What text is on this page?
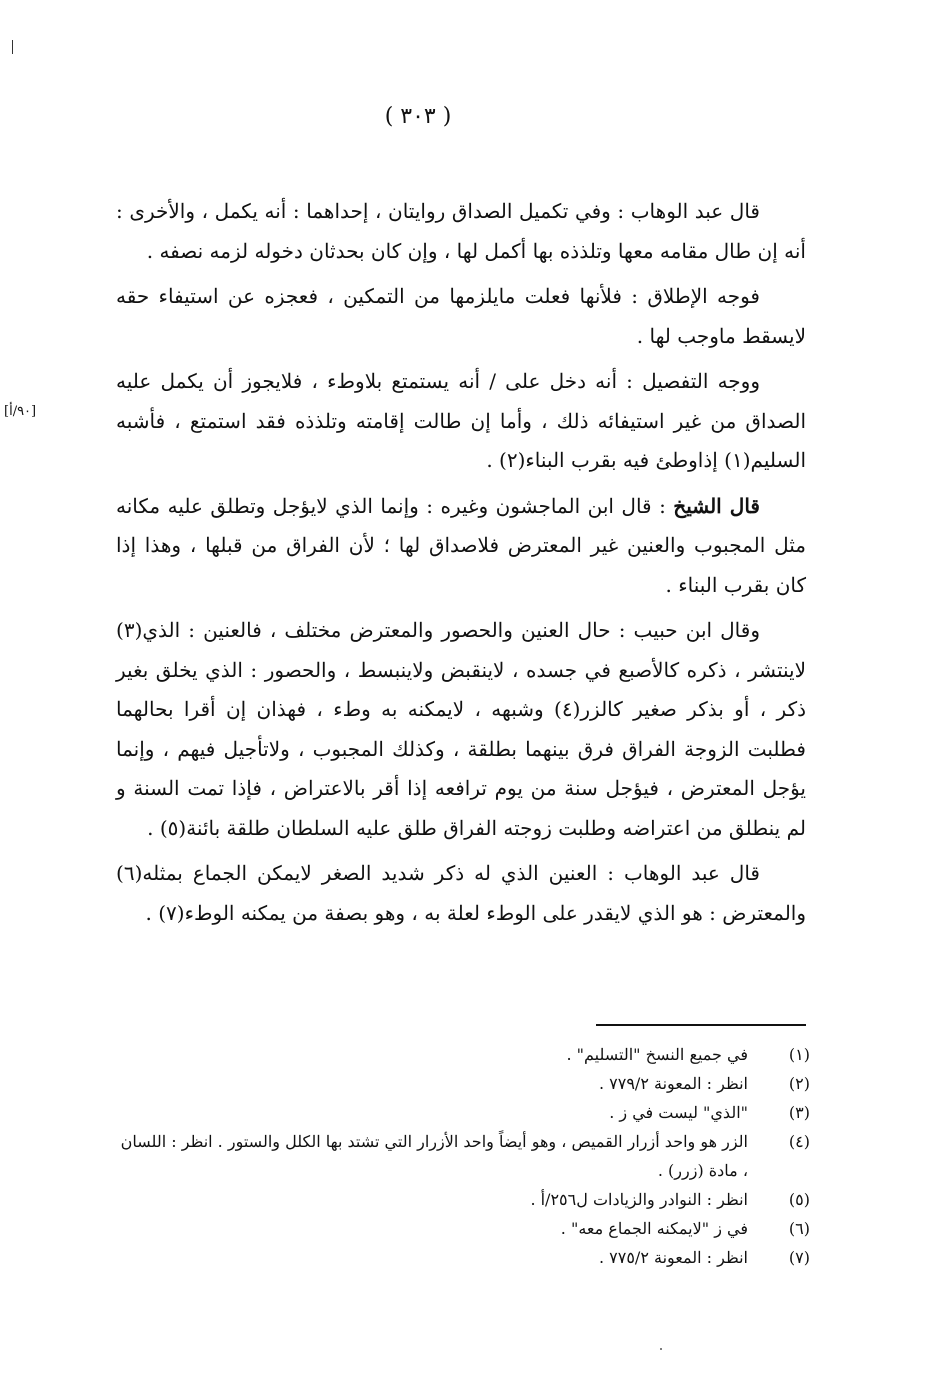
( ٣٠٣ )
[٩٠/أ]

قال عبد الوهاب : وفي تكميل الصداق روايتان ، إحداهما : أنه يكمل ، والأخرى : أنه إن طال مقامه معها وتلذذه بها أكمل لها ، وإن كان بحدثان دخوله لزمه نصفه .

فوجه الإطلاق : فلأنها فعلت مايلزمها من التمكين ، فعجزه عن استيفاء حقه لايسقط ماوجب لها .

ووجه التفصيل : أنه دخل على / أنه يستمتع بلاوطء ، فلايجوز أن يكمل عليه الصداق من غير استيفائه ذلك ، وأما إن طالت إقامته وتلذذه فقد استمتع ، فأشبه السليم(١) إذاوطئ فيه بقرب البناء(٢) .

قال الشيخ : قال ابن الماجشون وغيره : وإنما الذي لايؤجل وتطلق عليه مكانه مثل المجبوب والعنين غير المعترض فلاصداق لها ؛ لأن الفراق من قبلها ، وهذا إذا كان بقرب البناء .

وقال ابن حبيب : حال العنين والحصور والمعترض مختلف ، فالعنين : الذي(٣) لاينتشر ، ذكره كالأصبع في جسده ، لاينقبض ولاينبسط ، والحصور : الذي يخلق بغير ذكر ، أو بذكر صغير كالزر(٤) وشبهه ، لايمكنه به وطء ، فهذان إن أقرا بحالهما فطلبت الزوجة الفراق فرق بينهما بطلقة ، وكذلك المجبوب ، ولاتأجيل فيهم ، وإنما يؤجل المعترض ، فيؤجل سنة من يوم ترافعه إذا أقر بالاعتراض ، فإذا تمت السنة و لم ينطلق من اعتراضه وطلبت زوجته الفراق طلق عليه السلطان طلقة بائنة(٥) .

قال عبد الوهاب : العنين الذي له ذكر شديد الصغر لايمكن الجماع بمثله(٦) والمعترض : هو الذي لايقدر على الوطء لعلة به ، وهو بصفة من يمكنه الوطء(٧) .

(١)
في جميع النسخ "التسليم" .
(٢)
انظر : المعونة ٧٧٩/٢ .
(٣)
"الذي" ليست في ز .
(٤)
الزر هو واحد أزرار القميص ، وهو أيضاً واحد الأزرار التي تشتد بها الكلل والستور . انظر : اللسان ، مادة (زرر) .
(٥)
انظر : النوادر والزيادات ل٢٥٦/أ .
(٦)
في ز "لايمكنه الجماع معه" .
(٧)
انظر : المعونة ٧٧٥/٢ .
